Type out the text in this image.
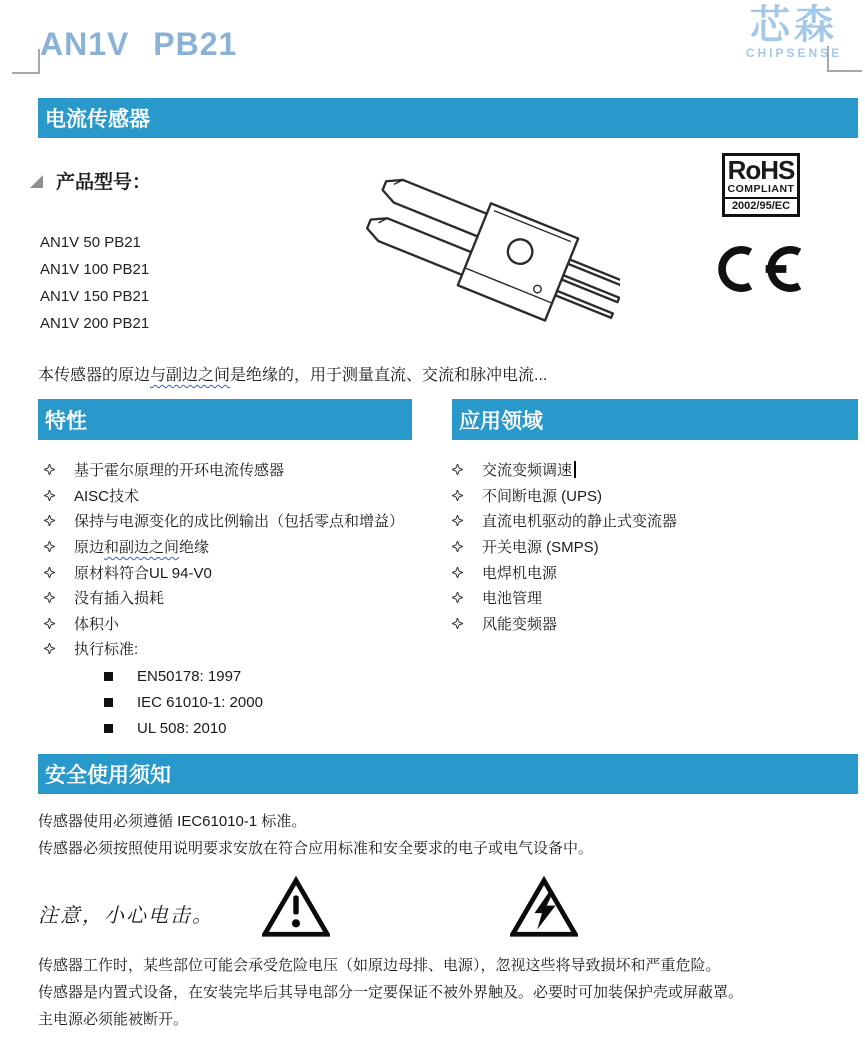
AN1V PB21	芯森
CHIPSENSE
电流传感器
产品型号：
AN1V 50 PB21
AN1V 100 PB21
AN1V 150 PB21
AN1V 200 PB21
RoHS
COMPLIANT
2002/95/EC

本传感器的原边与副边之间是绝缘的，用于测量直流、交流和脉冲电流...

特性	应用领域
基于霍尔原理的开环电流传感器
AISC技术
保持与电源变化的成比例输出（包括零点和增益）
原边和副边之间绝缘
原材料符合UL 94-V0
没有插入损耗
体积小
执行标准:
EN50178: 1997
IEC 61010-1: 2000
UL 508: 2010
交流变频调速
不间断电源 (UPS)
直流电机驱动的静止式变流器
开关电源 (SMPS)
电焊机电源
电池管理
风能变频器
安全使用须知
传感器使用必须遵循 IEC61010-1 标准。
传感器必须按照使用说明要求安放在符合应用标准和安全要求的电子或电气设备中。
注意，小心电击。
传感器工作时，某些部位可能会承受危险电压（如原边母排、电源），忽视这些将导致损坏和严重危险。
传感器是内置式设备，在安装完毕后其导电部分一定要保证不被外界触及。必要时可加装保护壳或屏蔽罩。
主电源必须能被断开。
